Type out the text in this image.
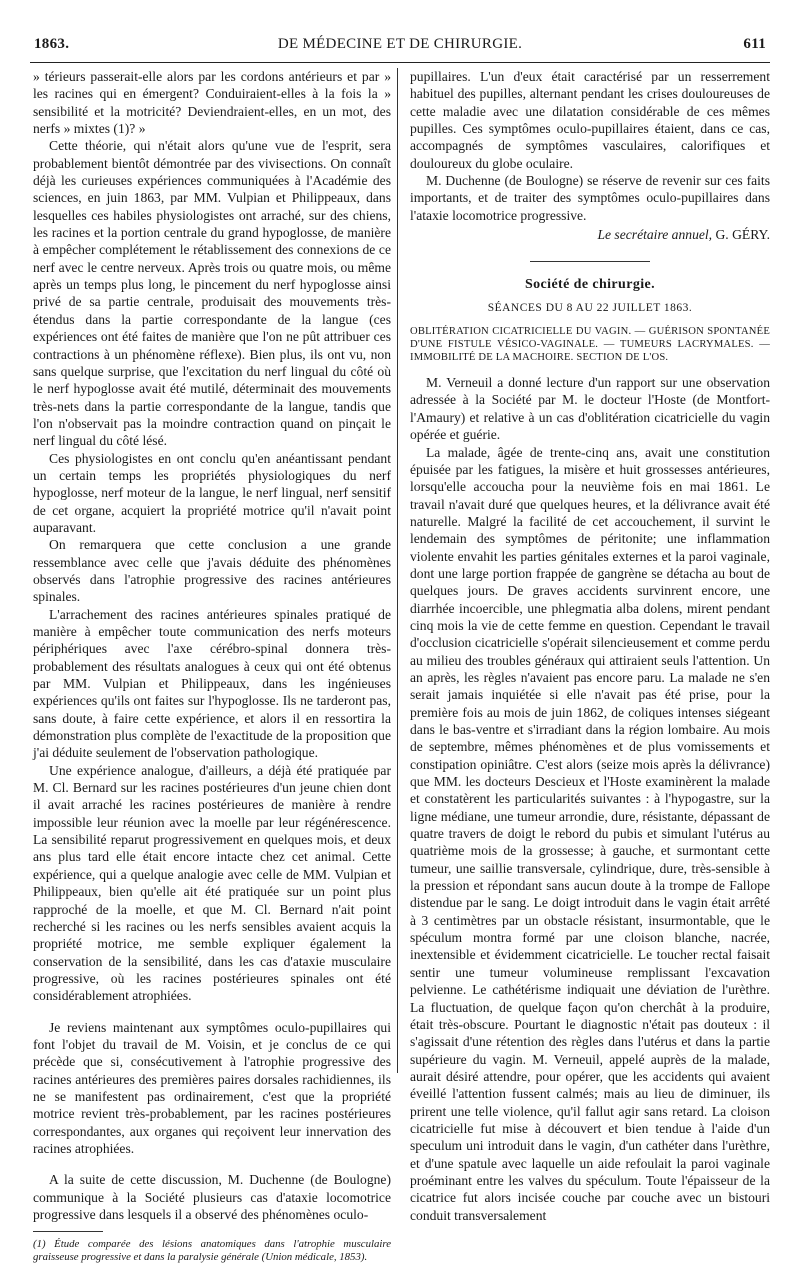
1863.	DE MÉDECINE ET DE CHIRURGIE.	611

» térieurs passerait-elle alors par les cordons antérieurs et par » les racines qui en émergent? Conduiraient-elles à la fois la » sensibilité et la motricité? Deviendraient-elles, en un mot, des nerfs » mixtes (1)? »

Cette théorie, qui n'était alors qu'une vue de l'esprit, sera probablement bientôt démontrée par des vivisections. On connaît déjà les curieuses expériences communiquées à l'Académie des sciences, en juin 1863, par MM. Vulpian et Philippeaux, dans lesquelles ces habiles physiologistes ont arraché, sur des chiens, les racines et la portion centrale du grand hypoglosse, de manière à empêcher complétement le rétablissement des connexions de ce nerf avec le centre nerveux. Après trois ou quatre mois, ou même après un temps plus long, le pincement du nerf hypoglosse ainsi privé de sa partie centrale, produisait des mouvements très-étendus dans la partie correspondante de la langue (ces expériences ont été faites de manière que l'on ne pût attribuer ces contractions à un phénomène réflexe). Bien plus, ils ont vu, non sans quelque surprise, que l'excitation du nerf lingual du côté où le nerf hypoglosse avait été mutilé, déterminait des mouvements très-nets dans la partie correspondante de la langue, tandis que l'on n'observait pas la moindre contraction quand on pinçait le nerf lingual du côté lésé.

Ces physiologistes en ont conclu qu'en anéantissant pendant un certain temps les propriétés physiologiques du nerf hypoglosse, nerf moteur de la langue, le nerf lingual, nerf sensitif de cet organe, acquiert la propriété motrice qu'il n'avait point auparavant.

On remarquera que cette conclusion a une grande ressemblance avec celle que j'avais déduite des phénomènes observés dans l'atrophie progressive des racines antérieures spinales.

L'arrachement des racines antérieures spinales pratiqué de manière à empêcher toute communication des nerfs moteurs périphériques avec l'axe cérébro-spinal donnera très-probablement des résultats analogues à ceux qui ont été obtenus par MM. Vulpian et Philippeaux, dans les ingénieuses expériences qu'ils ont faites sur l'hypoglosse. Ils ne tarderont pas, sans doute, à faire cette expérience, et alors il en ressortira la démonstration plus complète de l'exactitude de la proposition que j'ai déduite seulement de l'observation pathologique.

Une expérience analogue, d'ailleurs, a déjà été pratiquée par M. Cl. Bernard sur les racines postérieures d'un jeune chien dont il avait arraché les racines postérieures de manière à rendre impossible leur réunion avec la moelle par leur régénérescence. La sensibilité reparut progressivement en quelques mois, et deux ans plus tard elle était encore intacte chez cet animal. Cette expérience, qui a quelque analogie avec celle de MM. Vulpian et Philippeaux, bien qu'elle ait été pratiquée sur un point plus rapproché de la moelle, et que M. Cl. Bernard n'ait point recherché si les racines ou les nerfs sensibles avaient acquis la propriété motrice, me semble expliquer également la conservation de la sensibilité, dans les cas d'ataxie musculaire progressive, où les racines postérieures spinales ont été considérablement atrophiées.

Je reviens maintenant aux symptômes oculo-pupillaires qui font l'objet du travail de M. Voisin, et je conclus de ce qui précède que si, consécutivement à l'atrophie progressive des racines antérieures des premières paires dorsales rachidiennes, ils ne se manifestent pas ordinairement, c'est que la propriété motrice revient très-probablement, par les racines postérieures correspondantes, aux organes qui reçoivent leur innervation des racines atrophiées.

A la suite de cette discussion, M. Duchenne (de Boulogne) communique à la Société plusieurs cas d'ataxie locomotrice progressive dans lesquels il a observé des phénomènes oculo-

(1) Étude comparée des lésions anatomiques dans l'atrophie musculaire graisseuse progressive et dans la paralysie générale (Union médicale, 1853).

pupillaires. L'un d'eux était caractérisé par un resserrement habituel des pupilles, alternant pendant les crises douloureuses de cette maladie avec une dilatation considérable de ces mêmes pupilles. Ces symptômes oculo-pupillaires étaient, dans ce cas, accompagnés de symptômes vasculaires, calorifiques et douloureux du globe oculaire.

M. Duchenne (de Boulogne) se réserve de revenir sur ces faits importants, et de traiter des symptômes oculo-pupillaires dans l'ataxie locomotrice progressive.

Le secrétaire annuel, G. GÉRY.

Société de chirurgie.

SÉANCES DU 8 AU 22 JUILLET 1863.

OBLITÉRATION CICATRICIELLE DU VAGIN. — GUÉRISON SPONTANÉE D'UNE FISTULE VÉSICO-VAGINALE. — TUMEURS LACRYMALES. — IMMOBILITÉ DE LA MACHOIRE. SECTION DE L'OS.

M. Verneuil a donné lecture d'un rapport sur une observation adressée à la Société par M. le docteur l'Hoste (de Montfort-l'Amaury) et relative à un cas d'oblitération cicatricielle du vagin opérée et guérie.

La malade, âgée de trente-cinq ans, avait une constitution épuisée par les fatigues, la misère et huit grossesses antérieures, lorsqu'elle accoucha pour la neuvième fois en mai 1861. Le travail n'avait duré que quelques heures, et la délivrance avait été naturelle. Malgré la facilité de cet accouchement, il survint le lendemain des symptômes de péritonite; une inflammation violente envahit les parties génitales externes et la paroi vaginale, dont une large portion frappée de gangrène se détacha au bout de quelques jours. De graves accidents survinrent encore, une diarrhée incoercible, une phlegmatia alba dolens, mirent pendant cinq mois la vie de cette femme en question. Cependant le travail d'occlusion cicatricielle s'opérait silencieusement et comme perdu au milieu des troubles généraux qui attiraient seuls l'attention. Un an après, les règles n'avaient pas encore paru. La malade ne s'en serait jamais inquiétée si elle n'avait pas été prise, pour la première fois au mois de juin 1862, de coliques intenses siégeant dans le bas-ventre et s'irradiant dans la région lombaire. Au mois de septembre, mêmes phénomènes et de plus vomissements et constipation opiniâtre. C'est alors (seize mois après la délivrance) que MM. les docteurs Descieux et l'Hoste examinèrent la malade et constatèrent les particularités suivantes : à l'hypogastre, sur la ligne médiane, une tumeur arrondie, dure, résistante, dépassant de quatre travers de doigt le rebord du pubis et simulant l'utérus au quatrième mois de la grossesse; à gauche, et surmontant cette tumeur, une saillie transversale, cylindrique, dure, très-sensible à la pression et répondant sans aucun doute à la trompe de Fallope distendue par le sang. Le doigt introduit dans le vagin était arrêté à 3 centimètres par un obstacle résistant, insurmontable, que le spéculum montra formé par une cloison blanche, nacrée, inextensible et évidemment cicatricielle. Le toucher rectal faisait sentir une tumeur volumineuse remplissant l'excavation pelvienne. Le cathétérisme indiquait une déviation de l'urèthre. La fluctuation, de quelque façon qu'on cherchât à la produire, était très-obscure. Pourtant le diagnostic n'était pas douteux : il s'agissait d'une rétention des règles dans l'utérus et dans la partie supérieure du vagin. M. Verneuil, appelé auprès de la malade, aurait désiré attendre, pour opérer, que les accidents qui avaient éveillé l'attention fussent calmés; mais au lieu de diminuer, ils prirent une telle violence, qu'il fallut agir sans retard. La cloison cicatricielle fut mise à découvert et bien tendue à l'aide d'un speculum uni introduit dans le vagin, d'un cathéter dans l'urèthre, et d'une spatule avec laquelle un aide refoulait la paroi vaginale proéminant entre les valves du spéculum. Toute l'épaisseur de la cicatrice fut alors incisée couche par couche avec un bistouri conduit transversalement
